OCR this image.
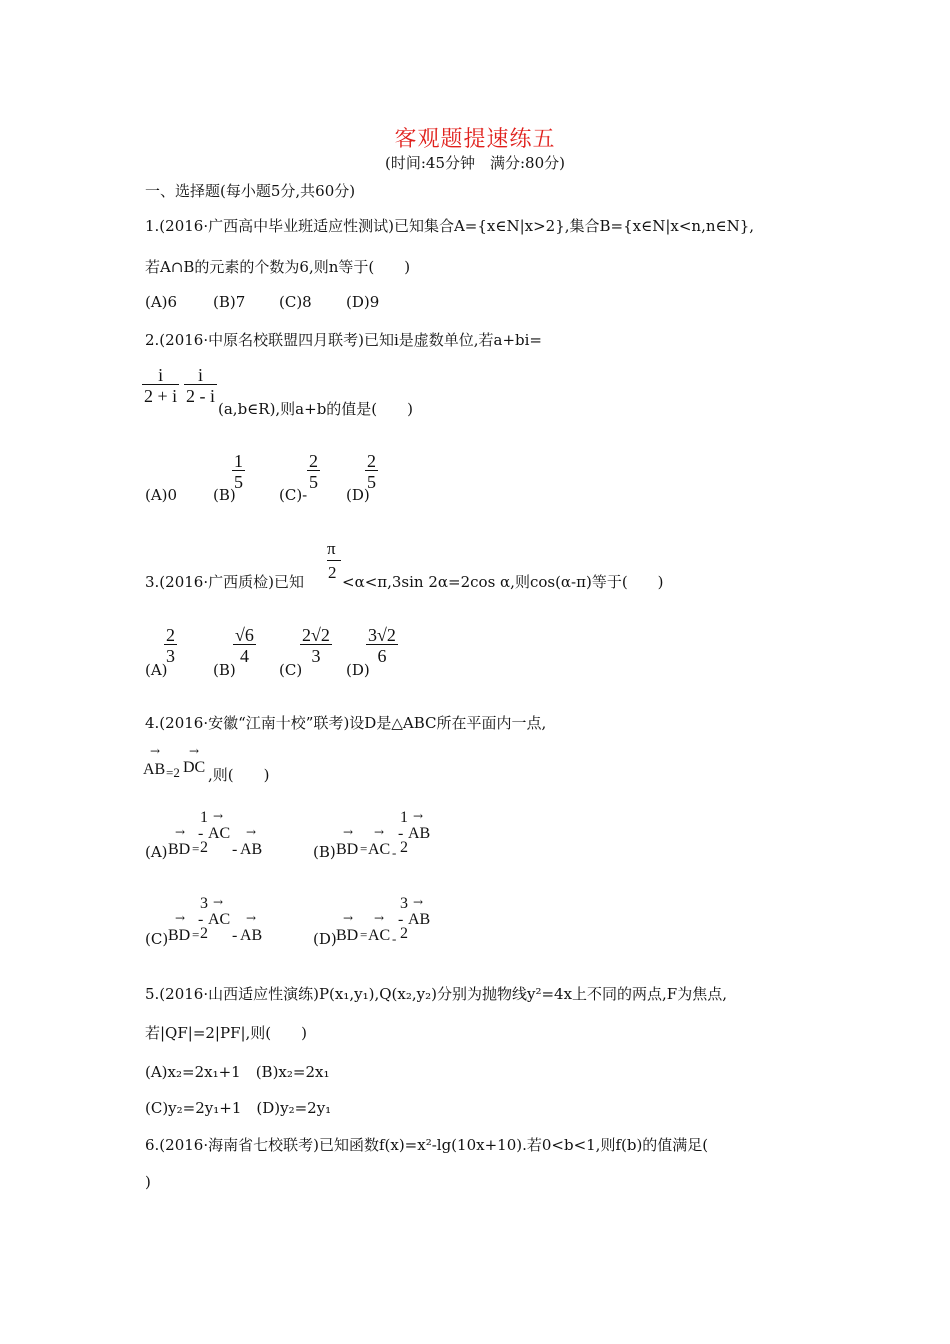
客观题提速练五
(时间:45分钟　满分:80分)
一、选择题(每小题5分,共60分)
1.(2016·广西高中毕业班适应性测试)已知集合A={x∈N|x>2},集合B={x∈N|x<n,n∈N},
若A∩B的元素的个数为6,则n等于(　　)
(A)6 (B)7 (C)8 (D)9
2.(2016·中原名校联盟四月联考)已知i是虚数单位,若a+bi=
$\frac{i}{2 + i} \frac{i}{2 - i}$
(a,b∈R),则a+b的值是(　　)
(A)0 (B)
$\frac{1}{5}$
(C)-
$\frac{2}{5}$
(D)
$\frac{2}{5}$
π
3.(2016·广西质检)已知 2 <α<π,3sin 2α=2cos α,则cos(α-π)等于(　　)
(A)
$\frac{2}{3}$
(B)
$\frac{√6}{4}$
(C)
$\frac{2√2}{3}$
(D)
$\frac{3√2}{6}$
4.(2016·安徽“江南十校”联考)设D是△ABC所在平面内一点,
→ →
AB =2 DC ,则(　　)
(A)
1 →
- AC →
→
BD = 2 - AB	(B)
1 →
- AB
→ →
BD = AC - 2
(C)
3 →
- AC →
→
BD = 2 - AB	(D)
3 →
- AB
→ →
BD = AC - 2
5.(2016·山西适应性演练)P(x₁,y₁),Q(x₂,y₂)分别为抛物线y²=4x上不同的两点,F为焦点,
若|QF|=2|PF|,则(　　)
(A)x₂=2x₁+1　(B)x₂=2x₁
(C)y₂=2y₁+1　(D)y₂=2y₁
6.(2016·海南省七校联考)已知函数f(x)=x²-lg(10x+10).若0<b<1,则f(b)的值满足(
)
